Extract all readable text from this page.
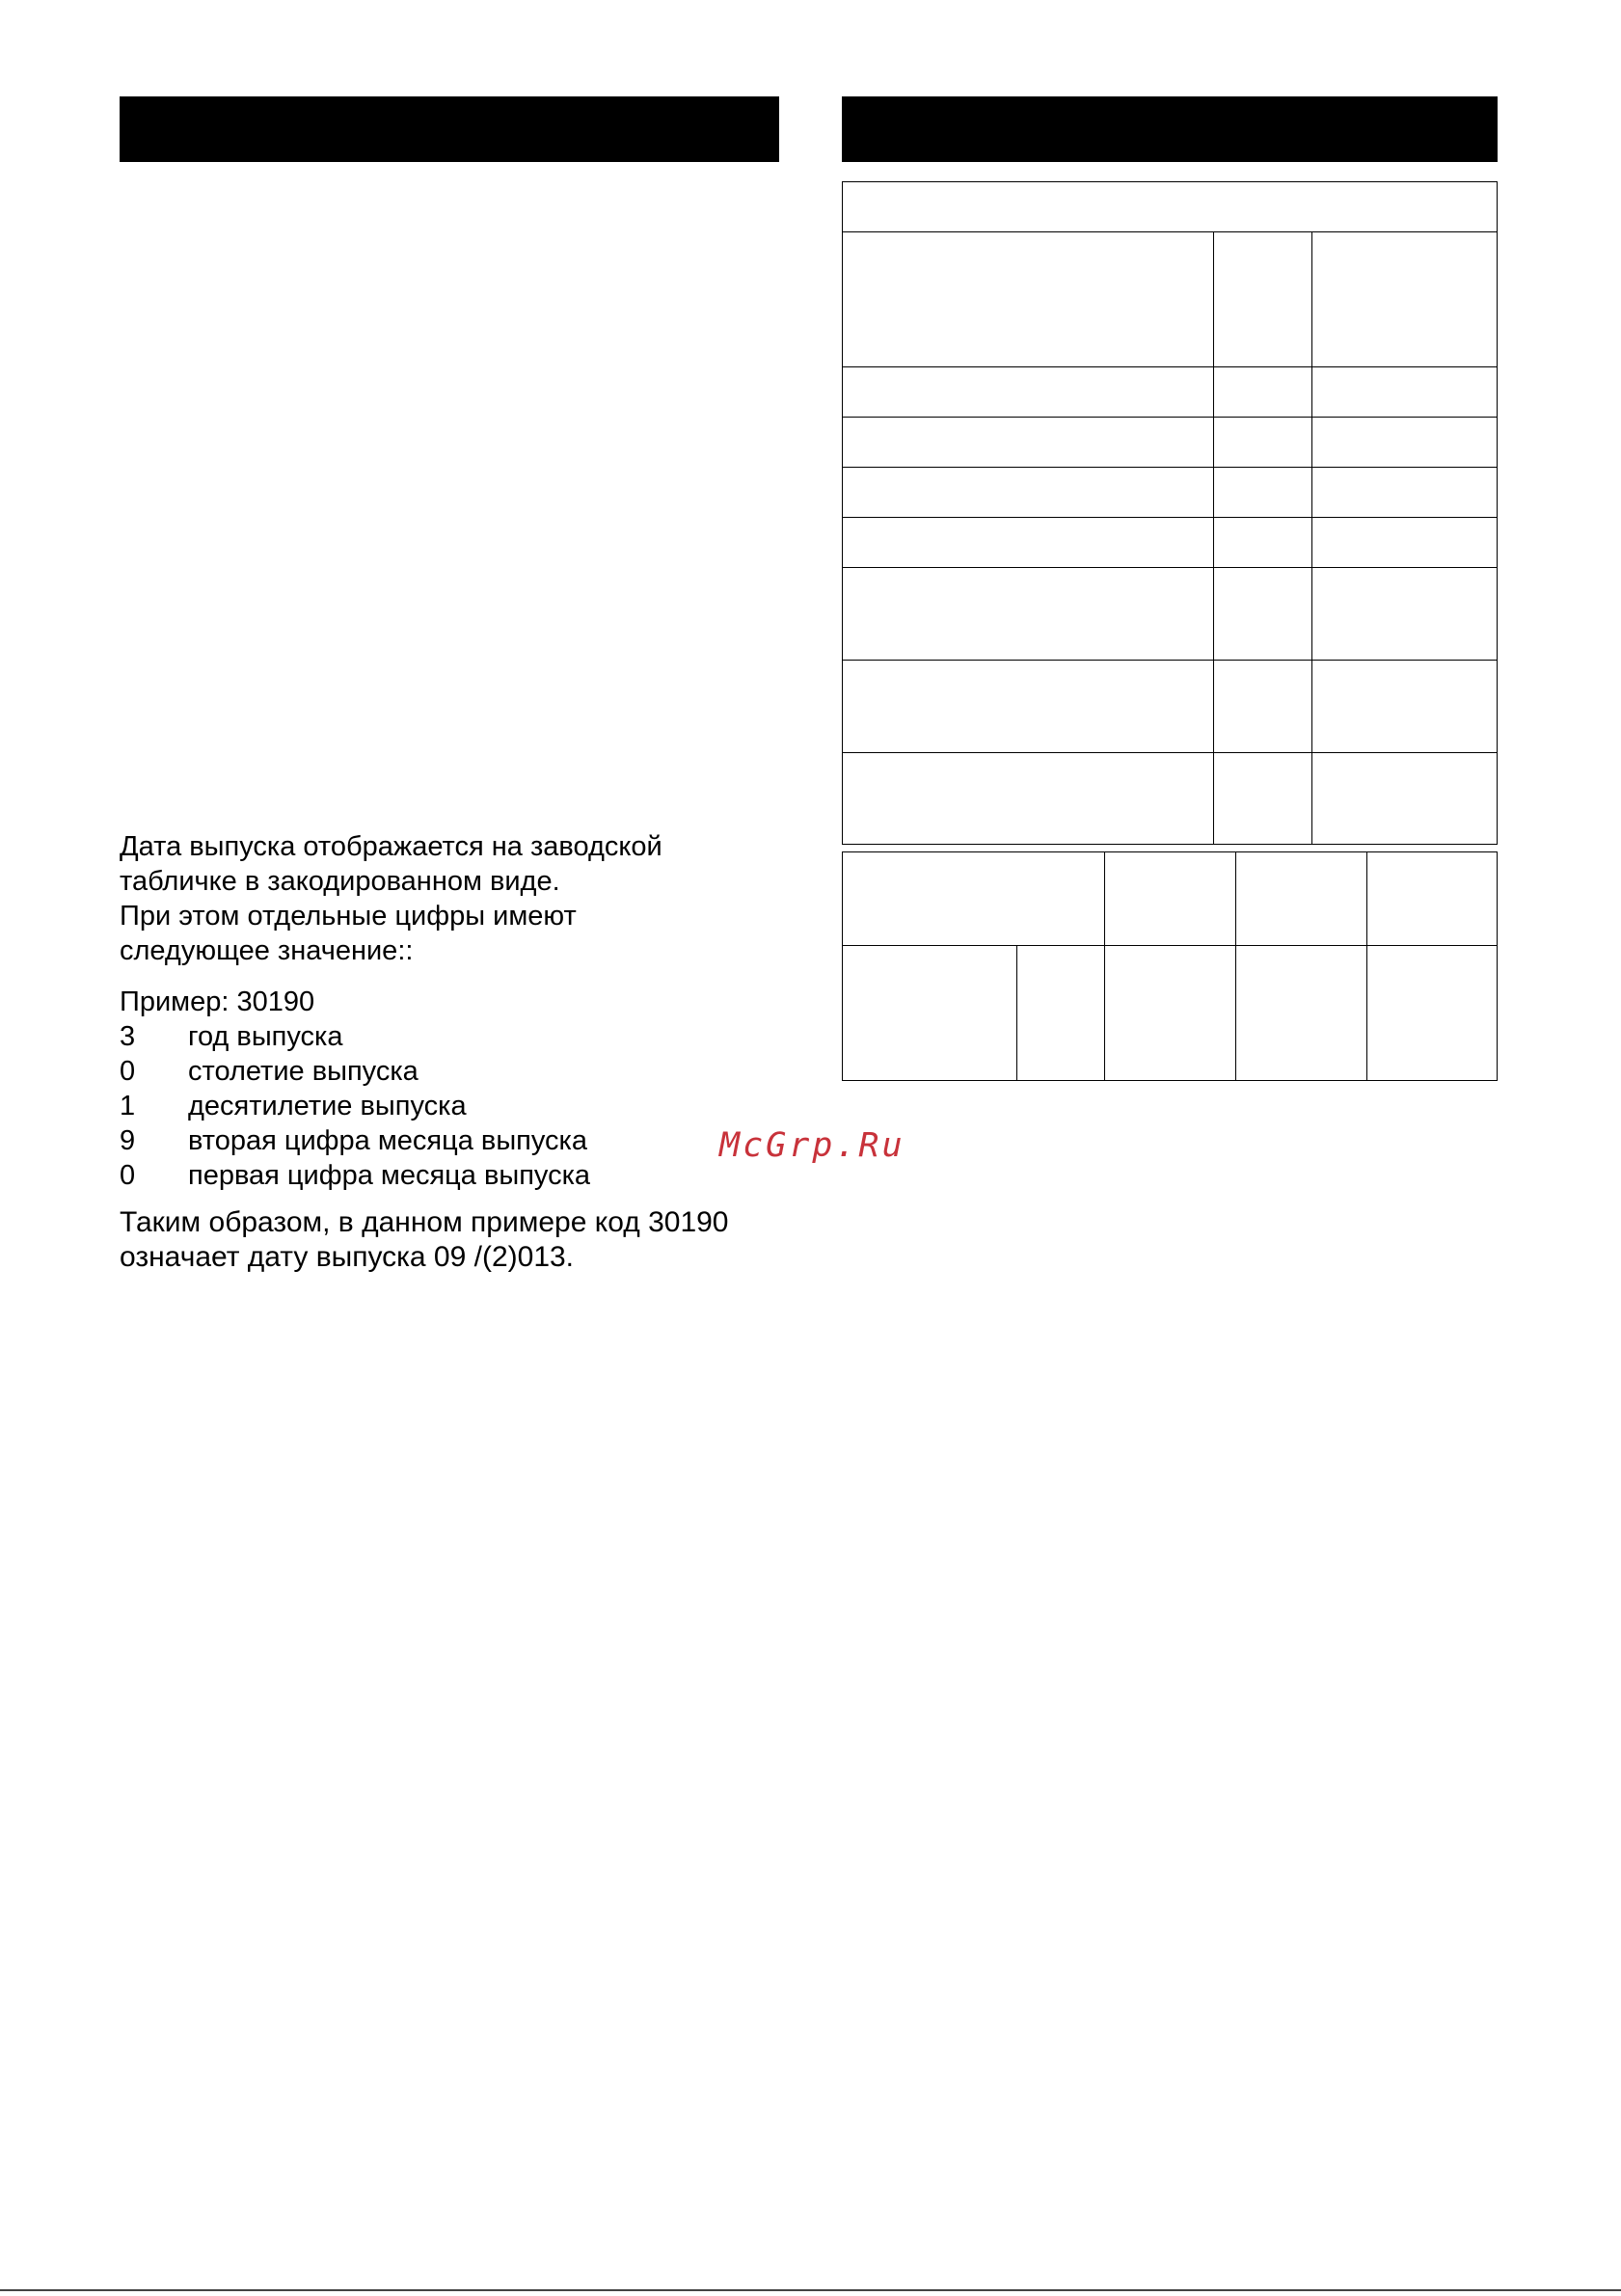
Дата выпуска отображается на заводской

табличке в закодированном виде.

При этом отдельные цифры имеют

следующее значение::

Пример: 30190

3	год выпуска
0	столетие выпуска
1	десятилетие выпуска
9	вторая цифра месяца выпуска
0	первая цифра месяца выпуска
Таким образом, в данном примере код 30190
означает дату выпуска 09 /(2)013.
McGrp.Ru
